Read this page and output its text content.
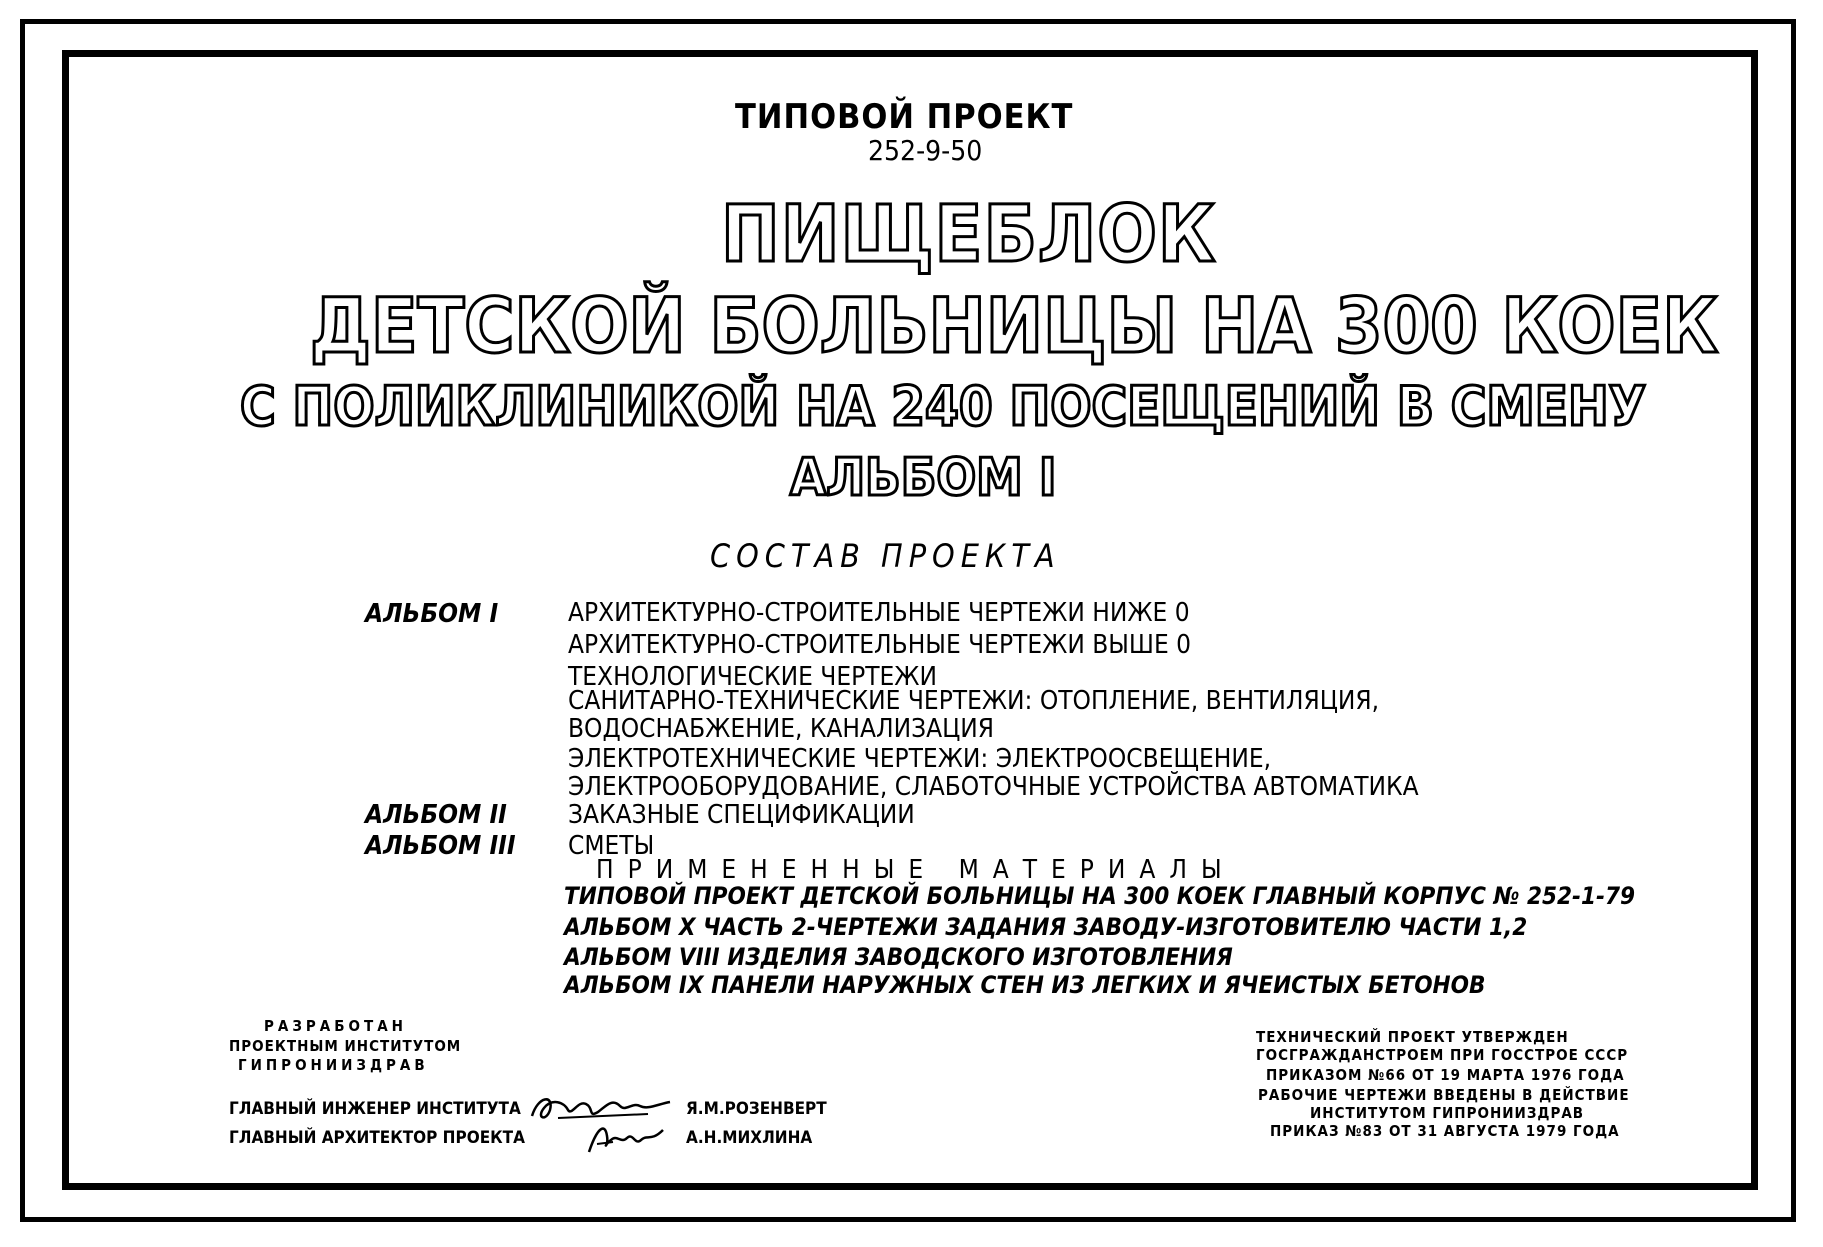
ТИПОВОЙ ПРОЕКТ
252-9-50
ПИЩЕБЛОК
ДЕТСКОЙ БОЛЬНИЦЫ НА 300 КОЕК
С ПОЛИКЛИНИКОЙ НА 240 ПОСЕЩЕНИЙ В СМЕНУ
АЛЬБОМ I
СОСТАВ ПРОЕКТА
АЛЬБОМ I	АРХИТЕКТУРНО-СТРОИТЕЛЬНЫЕ ЧЕРТЕЖИ НИЖЕ 0
АРХИТЕКТУРНО-СТРОИТЕЛЬНЫЕ ЧЕРТЕЖИ ВЫШЕ 0
ТЕХНОЛОГИЧЕСКИЕ ЧЕРТЕЖИ
САНИТАРНО-ТЕХНИЧЕСКИЕ ЧЕРТЕЖИ: ОТОПЛЕНИЕ, ВЕНТИЛЯЦИЯ,
ВОДОСНАБЖЕНИЕ, КАНАЛИЗАЦИЯ
ЭЛЕКТРОТЕХНИЧЕСКИЕ ЧЕРТЕЖИ: ЭЛЕКТРООСВЕЩЕНИЕ,
ЭЛЕКТРООБОРУДОВАНИЕ, СЛАБОТОЧНЫЕ УСТРОЙСТВА АВТОМАТИКА
АЛЬБОМ II ЗАКАЗНЫЕ СПЕЦИФИКАЦИИ
АЛЬБОМ III СМЕТЫ
ПРИМЕНЕННЫЕ МАТЕРИАЛЫ
ТИПОВОЙ ПРОЕКТ ДЕТСКОЙ БОЛЬНИЦЫ НА 300 КОЕК ГЛАВНЫЙ КОРПУС № 252-1-79
АЛЬБОМ X ЧАСТЬ 2-ЧЕРТЕЖИ ЗАДАНИЯ ЗАВОДУ-ИЗГОТОВИТЕЛЮ ЧАСТИ 1,2
АЛЬБОМ VIII ИЗДЕЛИЯ ЗАВОДСКОГО ИЗГОТОВЛЕНИЯ
АЛЬБОМ IX ПАНЕЛИ НАРУЖНЫХ СТЕН ИЗ ЛЕГКИХ И ЯЧЕИСТЫХ БЕТОНОВ
РАЗРАБОТАН
ПРОЕКТНЫМ ИНСТИТУТОМ
ГИПРОНИИЗДРАВ
ГЛАВНЫЙ ИНЖЕНЕР ИНСТИТУТА
ГЛАВНЫЙ АРХИТЕКТОР ПРОЕКТА
Я.М.РОЗЕНВЕРТ
А.Н.МИХЛИНА
ТЕХНИЧЕСКИЙ ПРОЕКТ УТВЕРЖДЕН
ГОСГРАЖДАНСТРОЕМ ПРИ ГОССТРОЕ СССР
ПРИКАЗОМ №66 ОТ 19 МАРТА 1976 ГОДА
РАБОЧИЕ ЧЕРТЕЖИ ВВЕДЕНЫ В ДЕЙСТВИЕ
ИНСТИТУТОМ ГИПРОНИИЗДРАВ
ПРИКАЗ №83 ОТ 31 АВГУСТА 1979 ГОДА
